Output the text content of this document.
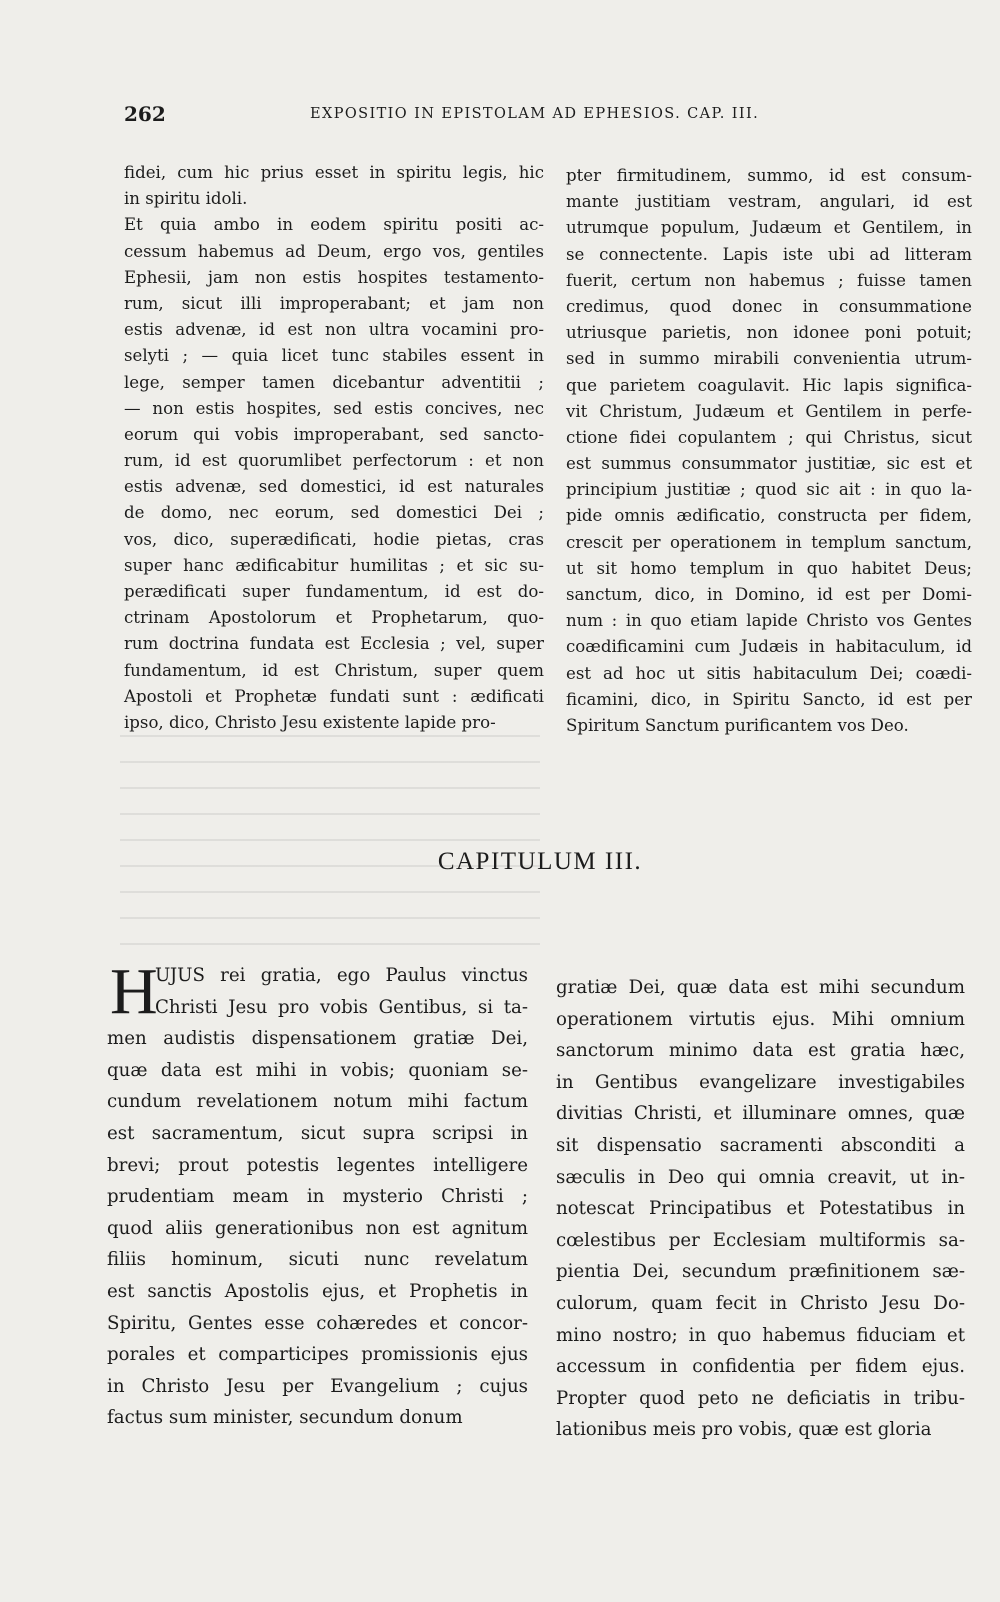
262	EXPOSITIO IN EPISTOLAM AD EPHESIOS. CAP. III.
fidei, cum hic prius esset in spiritu legis, hic
in spiritu idoli.
Et quia ambo in eodem spiritu positi ac-
cessum habemus ad Deum, ergo vos, gentiles
Ephesii, jam non estis hospites testamento-
rum, sicut illi improperabant; et jam non
estis advenæ, id est non ultra vocamini pro-
selyti ; — quia licet tunc stabiles essent in
lege, semper tamen dicebantur adventitii ;
— non estis hospites, sed estis concives, nec
eorum qui vobis improperabant, sed sancto-
rum, id est quorumlibet perfectorum : et non
estis advenæ, sed domestici, id est naturales
de domo, nec eorum, sed domestici Dei ;
vos, dico, superædificati, hodie pietas, cras
super hanc ædificabitur humilitas ; et sic su-
perædificati super fundamentum, id est do-
ctrinam Apostolorum et Prophetarum, quo-
rum doctrina fundata est Ecclesia ; vel, super
fundamentum, id est Christum, super quem
Apostoli et Prophetæ fundati sunt : ædificati
ipso, dico, Christo Jesu existente lapide pro-
pter firmitudinem, summo, id est consum-
mante justitiam vestram, angulari, id est
utrumque populum, Judæum et Gentilem, in
se connectente. Lapis iste ubi ad litteram
fuerit, certum non habemus ; fuisse tamen
credimus, quod donec in consummatione
utriusque parietis, non idonee poni potuit;
sed in summo mirabili convenientia utrum-
que parietem coagulavit. Hic lapis significa-
vit Christum, Judæum et Gentilem in perfe-
ctione fidei copulantem ; qui Christus, sicut
est summus consummator justitiæ, sic est et
principium justitiæ ; quod sic ait : in quo la-
pide omnis ædificatio, constructa per fidem,
crescit per operationem in templum sanctum,
ut sit homo templum in quo habitet Deus;
sanctum, dico, in Domino, id est per Domi-
num : in quo etiam lapide Christo vos Gentes
coædificamini cum Judæis in habitaculum, id
est ad hoc ut sitis habitaculum Dei; coædi-
ficamini, dico, in Spiritu Sancto, id est per
Spiritum Sanctum purificantem vos Deo.
CAPITULUM III.
H
UJUS rei gratia, ego Paulus vinctus
Christi Jesu pro vobis Gentibus, si ta-
men audistis dispensationem gratiæ Dei,
quæ data est mihi in vobis; quoniam se-
cundum revelationem notum mihi factum
est sacramentum, sicut supra scripsi in
brevi; prout potestis legentes intelligere
prudentiam meam in mysterio Christi ;
quod aliis generationibus non est agnitum
filiis hominum, sicuti nunc revelatum
est sanctis Apostolis ejus, et Prophetis in
Spiritu, Gentes esse cohæredes et concor-
porales et comparticipes promissionis ejus
in Christo Jesu per Evangelium ; cujus
factus sum minister, secundum donum
gratiæ Dei, quæ data est mihi secundum
operationem virtutis ejus. Mihi omnium
sanctorum minimo data est gratia hæc,
in Gentibus evangelizare investigabiles
divitias Christi, et illuminare omnes, quæ
sit dispensatio sacramenti absconditi a
sæculis in Deo qui omnia creavit, ut in-
notescat Principatibus et Potestatibus in
cœlestibus per Ecclesiam multiformis sa-
pientia Dei, secundum præfinitionem sæ-
culorum, quam fecit in Christo Jesu Do-
mino nostro; in quo habemus fiduciam et
accessum in confidentia per fidem ejus.
Propter quod peto ne deficiatis in tribu-
lationibus meis pro vobis, quæ est gloria
